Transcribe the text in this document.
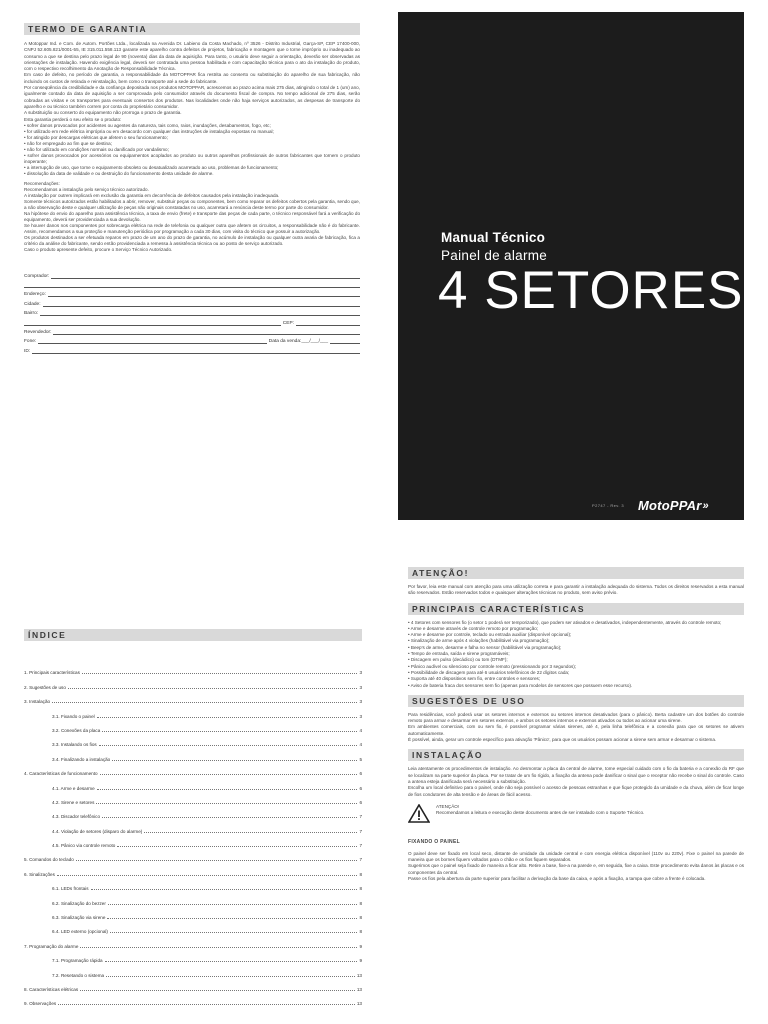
TERMO DE GARANTIA

A Motoppar Ind. e Com. de Autom. Portões Ltda., localizada na Avenida Dr. Labieno da Costa Machado, nº 3526 - Distrito Industrial, Garça-SP, CEP 17400-000, CNPJ 52.605.821/0001-55, IE 315.011.558.113 garante este aparelho contra defeitos de projetos, fabricação e montagem que o torne impróprio ou inadequado ao consumo a que se destina pelo prazo legal de 90 (noventa) dias da data de aquisição. Para tanto, o usuário deve seguir a orientação, deverão ser observadas as orientações de instalação. Havendo exigência legal, deverá ser contratada uma pessoa habilitada e com capacitação técnica para o ato da instalação do produto, com o respectivo recolhimento da Anotação de Responsabilidade Técnica.

Em caso de defeito, no período de garantia, a responsabilidade da MOTOPPAR fica restrita ao conserto ou substituição do aparelho de sua fabricação, não incluindo os custos de retirada e reinstalação, bem como o transporte até a sede do fabricante.

Por conseqüência da credibilidade e da confiança depositada nos produtos MOTOPPAR, acrescemos ao prazo acima mais 275 dias, atingindo o total de 1 (um) ano, igualmente contado da data de aquisição a ser comprovada pelo consumidor através do documento fiscal de compra. No tempo adicional de 275 dias, serão cobradas as visitas e os transportes para eventuais consertos dos produtos. Nas localidades onde não haja serviços autorizados, as despesas de transporte do aparelho e ou técnico também correm por conta do proprietário consumidor.

A substituição ou conserto do equipamento não prorroga o prazo de garantia.

Esta garantia perderá o seu efeito se o produto:

• sofrer danos provocados por acidentes ou agentes da natureza, tais como, raios, inundações, desabamentos, fogo, etc;

• for utilizado em rede elétrica imprópria ou em desacordo com qualquer das instruções de instalação expostas no manual;

• for atingido por descargas elétricas que afetem o seu funcionamento;

• não for empregado ao fim que se destina;

• não for utilizado em condições normais ou danificado por vandalismo;

• sofrer danos provocados por acessórios ou equipamentos acoplados ao produto ou outros aparelhos profissionais de outros fabricantes que tornem o produto inoperante;

• a interrupção de uso, que torne o equipamento obsoleto ou desatualizado acarretado ao uso, problemas de funcionamento;

• dissolução da data de validade e ou destruição do funcionamento desta unidade de alarme.

Recomendações:

Recomendamos a instalação pelo serviço técnico autorizado.

A instalação por outrem implicará em exclusão da garantia em decorrência de defeitos causados pela instalação inadequada.

Somente técnicos autorizados estão habilitados a abrir, remover, substituir peças ou componentes, bem como reparar os defeitos cobertos pela garantia, sendo que, a não observação deste e qualquer utilização de peças não originais constatadas no uso, acarretará a renúncia deste termo por parte do consumidor.

Na hipótese do envio do aparelho para assistência técnica, a taxa de envio (frete) e transporte das peças de cada parte, o técnico responsável fará a verificação do equipamento, deverá ser providenciada a sua devolução.

Se houver danos nos componentes por sobrecarga elétrica na rede de telefonia ou qualquer outra que afetem os circuitos, a responsabilidade não é do fabricante. Assim, recomendamos a sua proteção e manutenção periódica por programação a cada 30 dias, com visita do técnico que possuir a autorização.

Os produtos destinados a ser efetuada reparos em prazo de um ano do prazo de garantia, no acúmulo de instalação ou qualquer outra avaria de fabricação, fica a critério da análise do fabricante, sendo então providenciada a remessa à assistência técnica ou ao posto de serviço autorizado.

Caso o produto apresente defeito, procure o Serviço Técnico Autorizado.

Comprador:
Endereço:
Cidade:
Bairro:
CEP:
Revendedor:
Fone:	Data da venda:___/___/___
ID:
Manual Técnico
Painel de alarme
4 SETORES
P2747 - Rev. 3 MotoPPAr»
ÍNDICE
1. Principais características	3
2. Sugestões de uso	3
3. Instalação	3
3.1. Fixando o painel	3
3.2. Conexões da placa	4
3.3. Instalando os fios	4
3.4. Finalizando a instalação	5
4. Características de funcionamento	6
4.1. Arme e desarme	6
4.2. Sirene e setores	6
4.3. Discador telefônico	7
4.4. Violação de setores (disparo do alarme)	7
4.5. Pânico via controle remoto	7
5. Comandos do teclado	7
6. Sinalizações	8
6.1. LEDs frontais	8
6.2. Sinalização do bezzer	8
6.3. Sinalização via sirene	8
6.4. LED externo (opcional)	8
7. Programação do alarme	9
7.1. Programação rápida	9
7.2. Resetando o sistema	13
8. Características elétricas	13
9. Observações	13
ATENÇÃO!

Por favor, leia este manual com atenção para uma utilização correta e para garantir a instalação adequada do sistema. Todos os direitos reservados a esta manual são reservados. Estão reservados todos e quaisquer alterações técnicas no produto, sem aviso prévio.

PRINCIPAIS CARACTERÍSTICAS

• 4 Setores com sensores fio (o setor 1 poderá ser temporizado), que podem ser ativados e desativados, independentemente, através do controle remoto;

• Arme e desarme através de controle remoto por programação;

• Arme e desarme por controle, teclado ou entrada auxiliar (disponível opcional);

• Sinalização de arme após 4 violações (habilitável via programação);

• Beep's de arme, desarme e falha no sensor (habilitável via programação);

• Tempo de entrada, saída e sirene programáveis;

• Discagem em pulso (decádico) ou tom (DTMF);

• Pânico audível ou silencioso por controle remoto (pressionando por 3 segundos);

• Possibilidade de discagem para até 6 usuários telefônicos de 22 dígitos cada;

• Suporta até 40 dispositivos sem fio, entre controles e sensores;

• Aviso de bateria fraca dos sensores sem fio (apenas para modelos de sensores que possuem esse recurso).

SUGESTÕES DE USO

Para residências, você poderá usar os setores internos e externos ou setores internos desativados (para o pânico). Berta cadastre um dos botões do controle remoto para armar e desarmar em setores externos, e ambos os setores internos e externos ativados ou todos ao acionar uma sirene.

Em ambientes comerciais, com ou sem fio, é possível programar várias sirenes, até 4, pela linha telefônica e a conexão para que os setores se ativem automaticamente.

É possível, ainda, gerar um controle específico para ativação 'Pânico', para que os usuários possam acionar a sirene sem armar e desarmar o sistema.

INSTALAÇÃO

Leia atentamente os procedimentos de instalação. Ao desmontar a placa da central de alarme, tome especial cuidado com o fio da bateria e a conexão do RF que se localizam na parte superior da placa. Por se tratar de um fio rígido, a fixação da antena pode danificar o sinal que o receptor não recebe o sinal do controle. Caso a antena esteja danificada será necessário a substituição.

Escolha um local definitivo para o painel, onde não seja possível o acesso de pessoas estranhas e que fique protegido da umidade e da chuva, além de ficar longe de fios condutores de alta tensão e de áreas de fácil acesso.

ATENÇÃO!
Recomendamos a leitura e execução deste documento antes de ser instalado com o Suporte Técnico.
FIXANDO O PAINEL

O painel deve ser fixado em local seco, distante de umidade da unidade central e com energia elétrica disponível (110v ou 220v). Fixe o painel na parede de maneira que os bornes fiquem voltados para o chão e os fios fiquem separados.

Sugerimos que o painel seja fixado de maneira a ficar alto. Retire a base, fixe-a na parede e, em seguida, fixe a caixa. Este procedimento evita danos às placas e os componentes da central.

Passe os fios pela abertura da parte superior para facilitar a derivação da base da caixa, e após a fixação, a tampa que cobre a frente é colocada.
